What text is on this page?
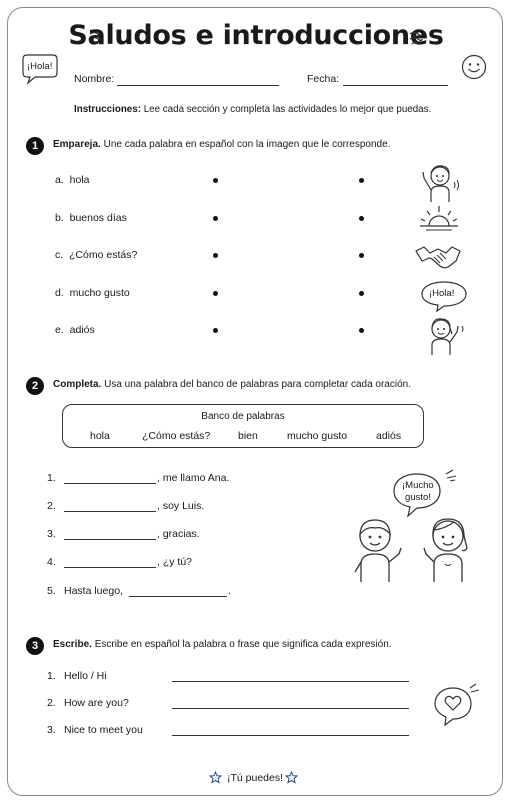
Saludos e introducciones
¡Hola!
Nombre:	Fecha:
Instrucciones: Lee cada sección y completa las actividades lo mejor que puedas.
1	Empareja. Une cada palabra en español con la imagen que le corresponde.
a. hola
b. buenos días
c. ¿Cómo estás?
d. mucho gusto
e. adiós
¡Hola!
2	Completa. Usa una palabra del banco de palabras para completar cada oración.
Banco de palabras
hola	¿Cómo estás?	bien	mucho gusto	adiós
1.	, me llamo Ana.
2.	, soy Luis.
3.	, gracias.
4.	, ¿y tú?
5. Hasta luego,	.
¡Mucho
gusto!
3	Escribe. Escribe en español la palabra o frase que significa cada expresión.
1. Hello / Hi
2. How are you?
3. Nice to meet you
¡Tú puedes!
